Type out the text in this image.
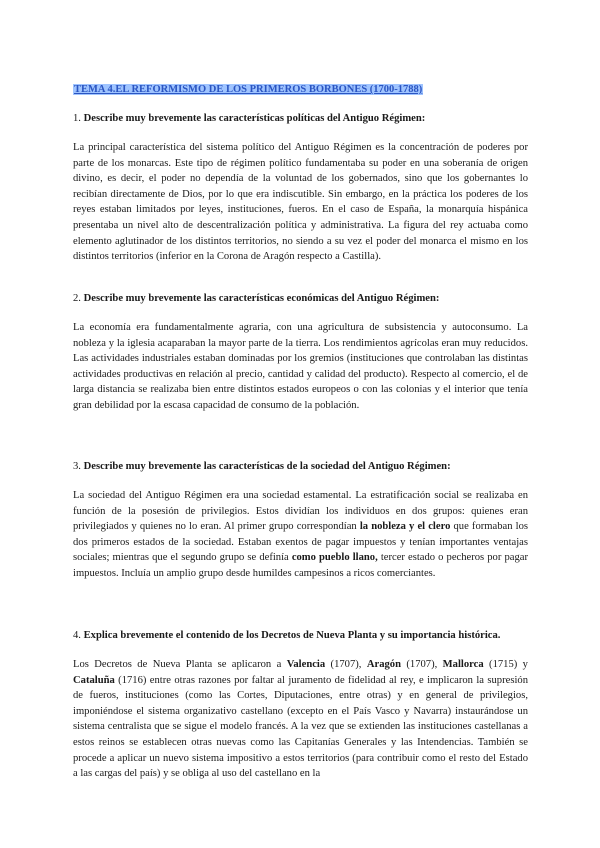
TEMA 4.EL REFORMISMO DE LOS PRIMEROS BORBONES (1700-1788)
1. Describe muy brevemente las características políticas del Antiguo Régimen:

La principal característica del sistema político del Antiguo Régimen es la concentración de poderes por parte de los monarcas. Este tipo de régimen político fundamentaba su poder en una soberanía de origen divino, es decir, el poder no dependía de la voluntad de los gobernados, sino que los gobernantes lo recibían directamente de Dios, por lo que era indiscutible. Sin embargo, en la práctica los poderes de los reyes estaban limitados por leyes, instituciones, fueros. En el caso de España, la monarquía hispánica presentaba un nivel alto de descentralización política y administrativa. La figura del rey actuaba como elemento aglutinador de los distintos territorios, no siendo a su vez el poder del monarca el mismo en los distintos territorios (inferior en la Corona de Aragón respecto a Castilla).

2. Describe muy brevemente las características económicas del Antiguo Régimen:

La economía era fundamentalmente agraria, con una agricultura de subsistencia y autoconsumo. La nobleza y la iglesia acaparaban la mayor parte de la tierra. Los rendimientos agrícolas eran muy reducidos. Las actividades industriales estaban dominadas por los gremios (instituciones que controlaban las distintas actividades productivas en relación al precio, cantidad y calidad del producto). Respecto al comercio, el de larga distancia se realizaba bien entre distintos estados europeos o con las colonias y el interior que tenía gran debilidad por la escasa capacidad de consumo de la población.

3. Describe muy brevemente las características de la sociedad del Antiguo Régimen:

La sociedad del Antiguo Régimen era una sociedad estamental. La estratificación social se realizaba en función de la posesión de privilegios. Estos dividían los individuos en dos grupos: quienes eran privilegiados y quienes no lo eran. Al primer grupo correspondían la nobleza y el clero que formaban los dos primeros estados de la sociedad. Estaban exentos de pagar impuestos y tenían importantes ventajas sociales; mientras que el segundo grupo se definía como pueblo llano, tercer estado o pecheros por pagar impuestos. Incluía un amplio grupo desde humildes campesinos a ricos comerciantes.

4. Explica brevemente el contenido de los Decretos de Nueva Planta y su importancia histórica.

Los Decretos de Nueva Planta se aplicaron a Valencia (1707), Aragón (1707), Mallorca (1715) y Cataluña (1716) entre otras razones por faltar al juramento de fidelidad al rey, e implicaron la supresión de fueros, instituciones (como las Cortes, Diputaciones, entre otras) y en general de privilegios, imponiéndose el sistema organizativo castellano (excepto en el País Vasco y Navarra) instaurándose un sistema centralista que se sigue el modelo francés. A la vez que se extienden las instituciones castellanas a estos reinos se establecen otras nuevas como las Capitanías Generales y las Intendencias. También se procede a aplicar un nuevo sistema impositivo a estos territorios (para contribuir como el resto del Estado a las cargas del país) y se obliga al uso del castellano en la
